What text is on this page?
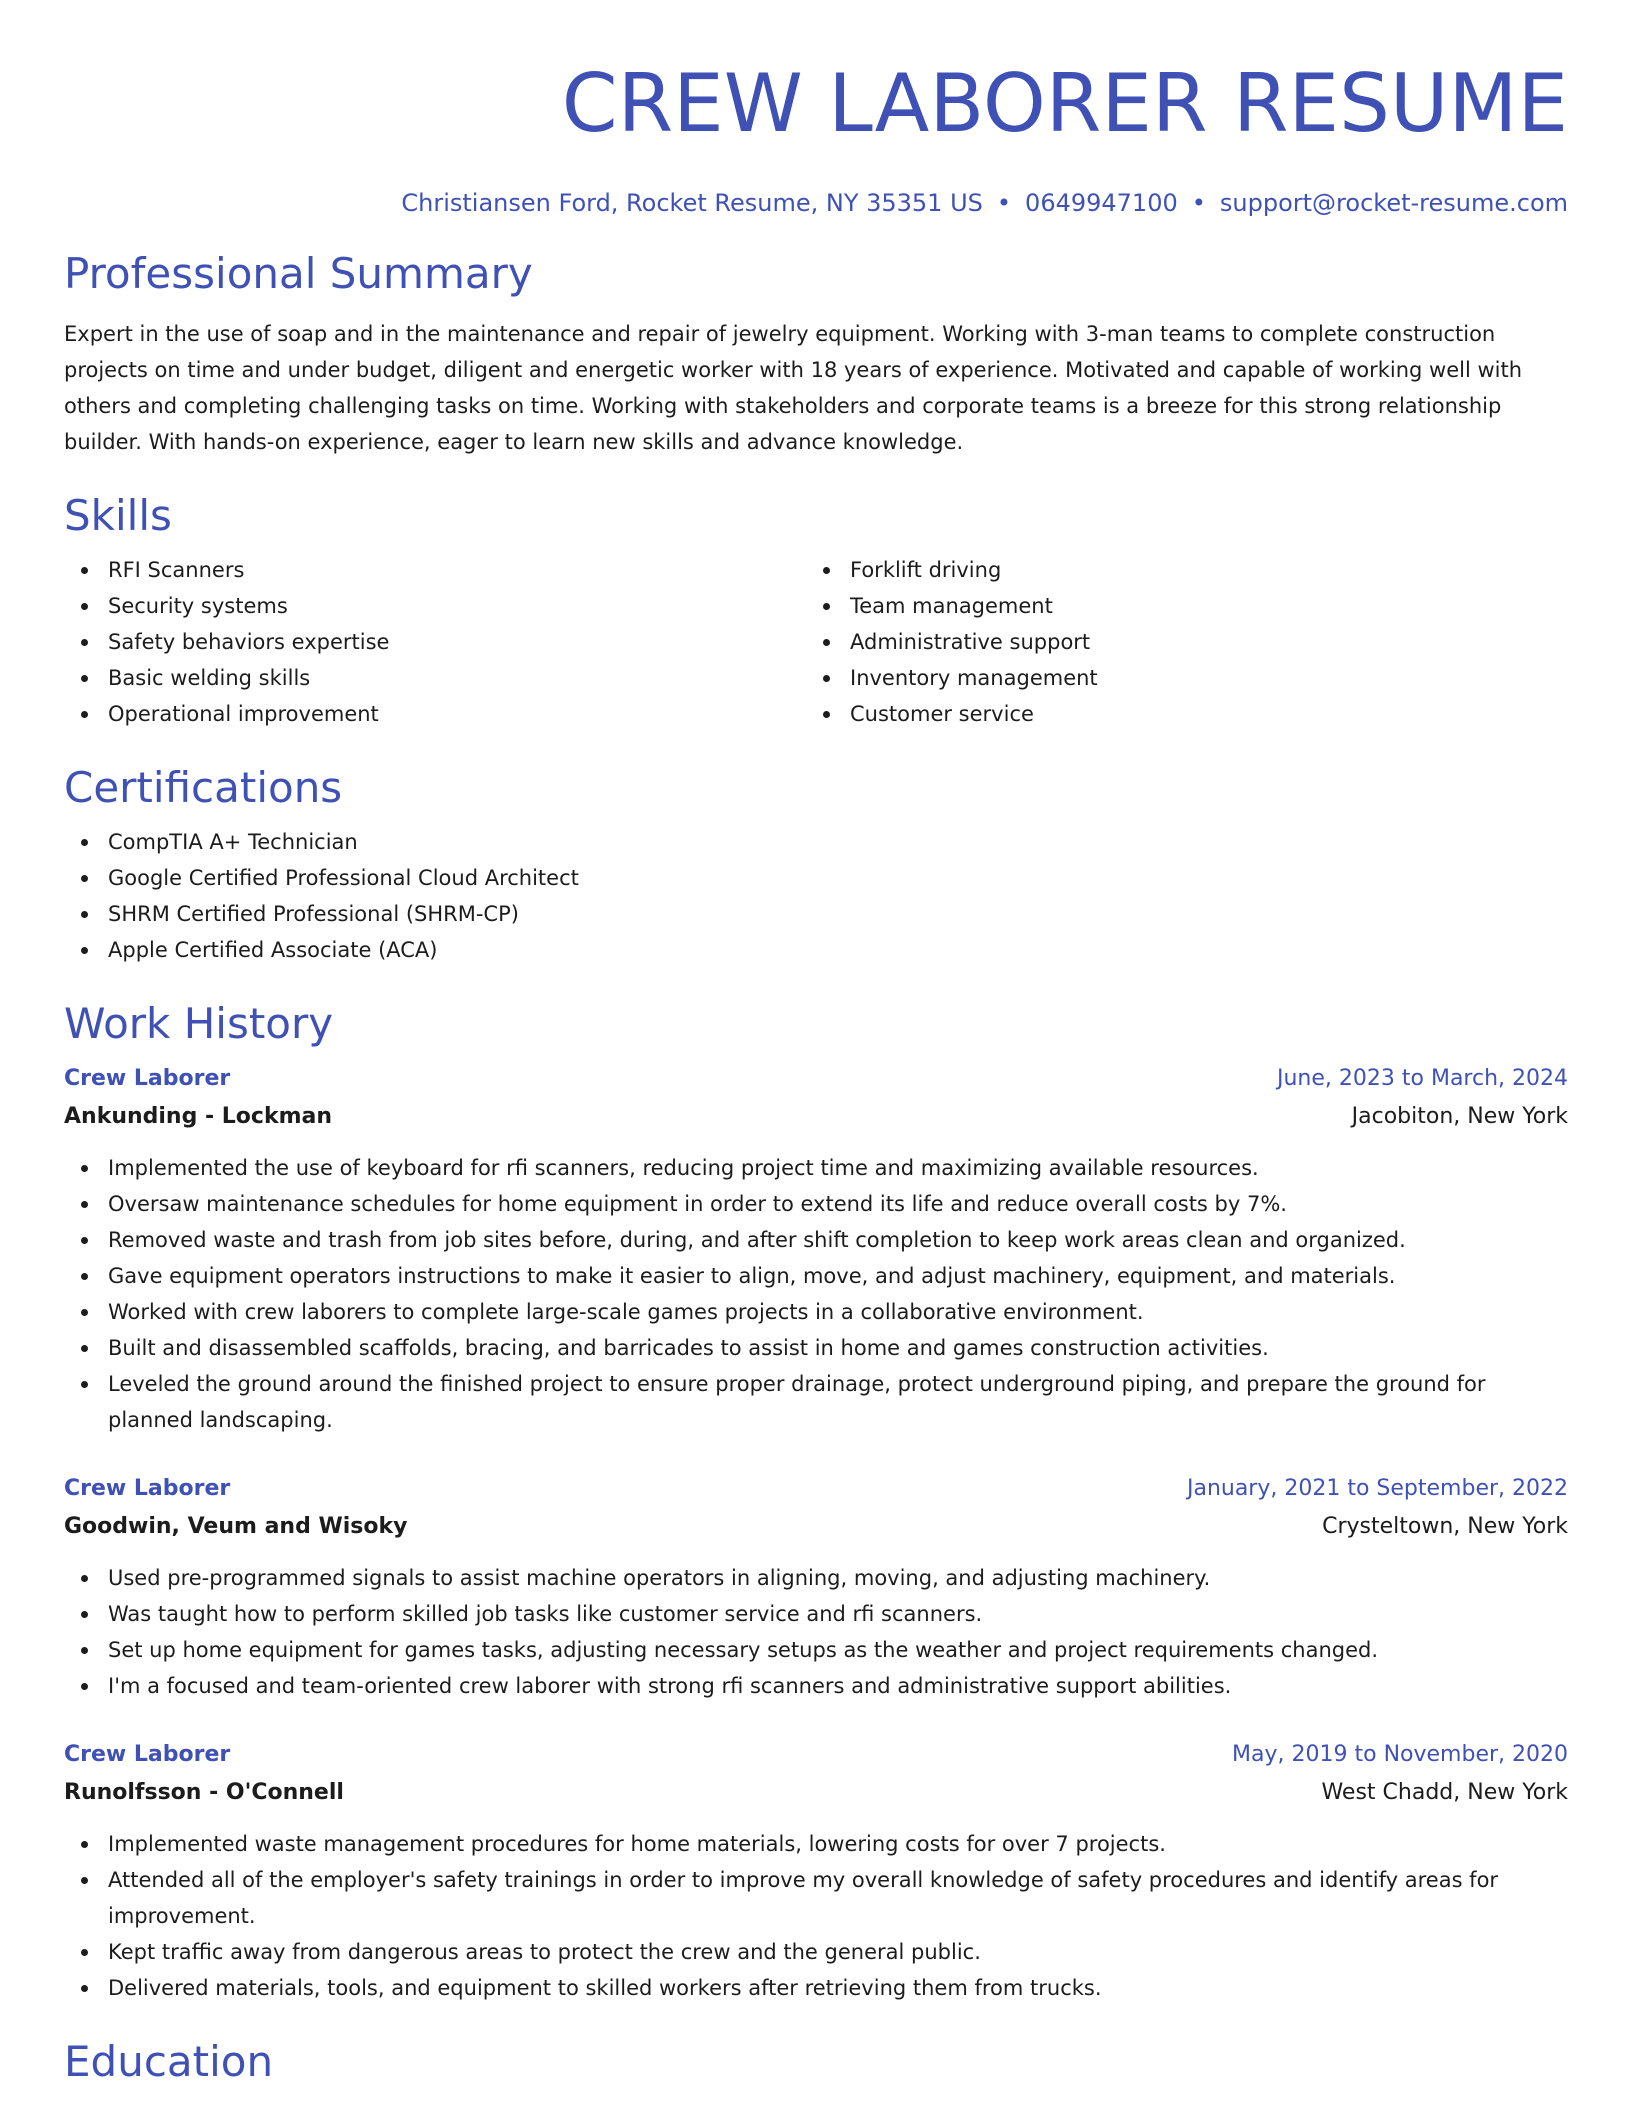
CREW LABORER RESUME
Christiansen Ford, Rocket Resume, NY 35351 US • 0649947100 • support@rocket-resume.com
Professional Summary

Expert in the use of soap and in the maintenance and repair of jewelry equipment. Working with 3-man teams to complete construction projects on time and under budget, diligent and energetic worker with 18 years of experience. Motivated and capable of working well with others and completing challenging tasks on time. Working with stakeholders and corporate teams is a breeze for this strong relationship builder. With hands-on experience, eager to learn new skills and advance knowledge.

Skills
RFI Scanners
Security systems
Safety behaviors expertise
Basic welding skills
Operational improvement
Forklift driving
Team management
Administrative support
Inventory management
Customer service
Certifications
CompTIA A+ Technician
Google Certified Professional Cloud Architect
SHRM Certified Professional (SHRM-CP)
Apple Certified Associate (ACA)
Work History
Crew Laborer	June, 2023 to March, 2024
Ankunding - Lockman	Jacobiton, New York
Implemented the use of keyboard for rfi scanners, reducing project time and maximizing available resources.
Oversaw maintenance schedules for home equipment in order to extend its life and reduce overall costs by 7%.
Removed waste and trash from job sites before, during, and after shift completion to keep work areas clean and organized.
Gave equipment operators instructions to make it easier to align, move, and adjust machinery, equipment, and materials.
Worked with crew laborers to complete large-scale games projects in a collaborative environment.
Built and disassembled scaffolds, bracing, and barricades to assist in home and games construction activities.
Leveled the ground around the finished project to ensure proper drainage, protect underground piping, and prepare the ground for planned landscaping.
Crew Laborer	January, 2021 to September, 2022
Goodwin, Veum and Wisoky	Crysteltown, New York
Used pre-programmed signals to assist machine operators in aligning, moving, and adjusting machinery.
Was taught how to perform skilled job tasks like customer service and rfi scanners.
Set up home equipment for games tasks, adjusting necessary setups as the weather and project requirements changed.
I'm a focused and team-oriented crew laborer with strong rfi scanners and administrative support abilities.
Crew Laborer	May, 2019 to November, 2020
Runolfsson - O'Connell	West Chadd, New York
Implemented waste management procedures for home materials, lowering costs for over 7 projects.
Attended all of the employer's safety trainings in order to improve my overall knowledge of safety procedures and identify areas for improvement.
Kept traffic away from dangerous areas to protect the crew and the general public.
Delivered materials, tools, and equipment to skilled workers after retrieving them from trucks.
Education
